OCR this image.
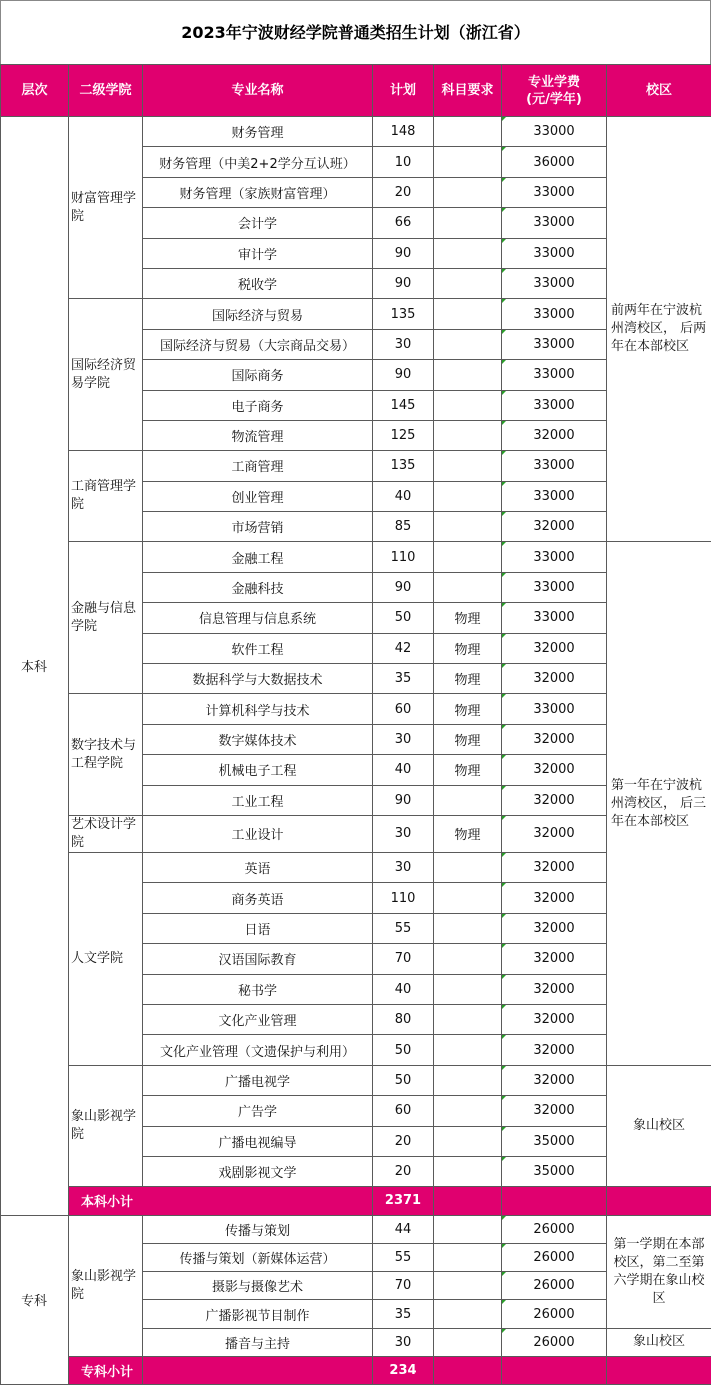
2023年宁波财经学院普通类招生计划（浙江省）
层次	二级学院	专业名称	计划	科目要求	专业学费
(元/学年)	校区
本科	财富管理学院	财务管理	148		33000	前两年在宁波杭州湾校区， 后两年在本部校区
		财务管理（中美2+2学分互认班）	10		36000	
		财务管理（家族财富管理）	20		33000	
		会计学	66		33000	
		审计学	90		33000	
		税收学	90		33000	
	国际经济贸易学院	国际经济与贸易	135		33000	
		国际经济与贸易（大宗商品交易）	30		33000	
		国际商务	90		33000	
		电子商务	145		33000	
		物流管理	125		32000	
	工商管理学院	工商管理	135		33000	
		创业管理	40		33000	
		市场营销	85		32000	
	金融与信息学院	金融工程	110		33000	第一年在宁波杭州湾校区， 后三年在本部校区
		金融科技	90		33000	
		信息管理与信息系统	50	物理	33000	
		软件工程	42	物理	32000	
		数据科学与大数据技术	35	物理	32000	
	数字技术与工程学院	计算机科学与技术	60	物理	33000	
		数字媒体技术	30	物理	32000	
		机械电子工程	40	物理	32000	
		工业工程	90		32000	
	艺术设计学院	工业设计	30	物理	32000	
	人文学院	英语	30		32000	
		商务英语	110		32000	
		日语	55		32000	
		汉语国际教育	70		32000	
		秘书学	40		32000	
		文化产业管理	80		32000	
		文化产业管理（文遗保护与利用）	50		32000	
	象山影视学院	广播电视学	50		32000	象山校区
		广告学	60		32000	
		广播电视编导	20		35000	
		戏剧影视文学	20		35000	
	本科小计		2371			
专科	象山影视学院	传播与策划	44		26000	第一学期在本部校区，第二至第六学期在象山校区
		传播与策划（新媒体运营）	55		26000	
		摄影与摄像艺术	70		26000	
		广播影视节目制作	35		26000	
		播音与主持	30		26000	象山校区
	专科小计		234			
